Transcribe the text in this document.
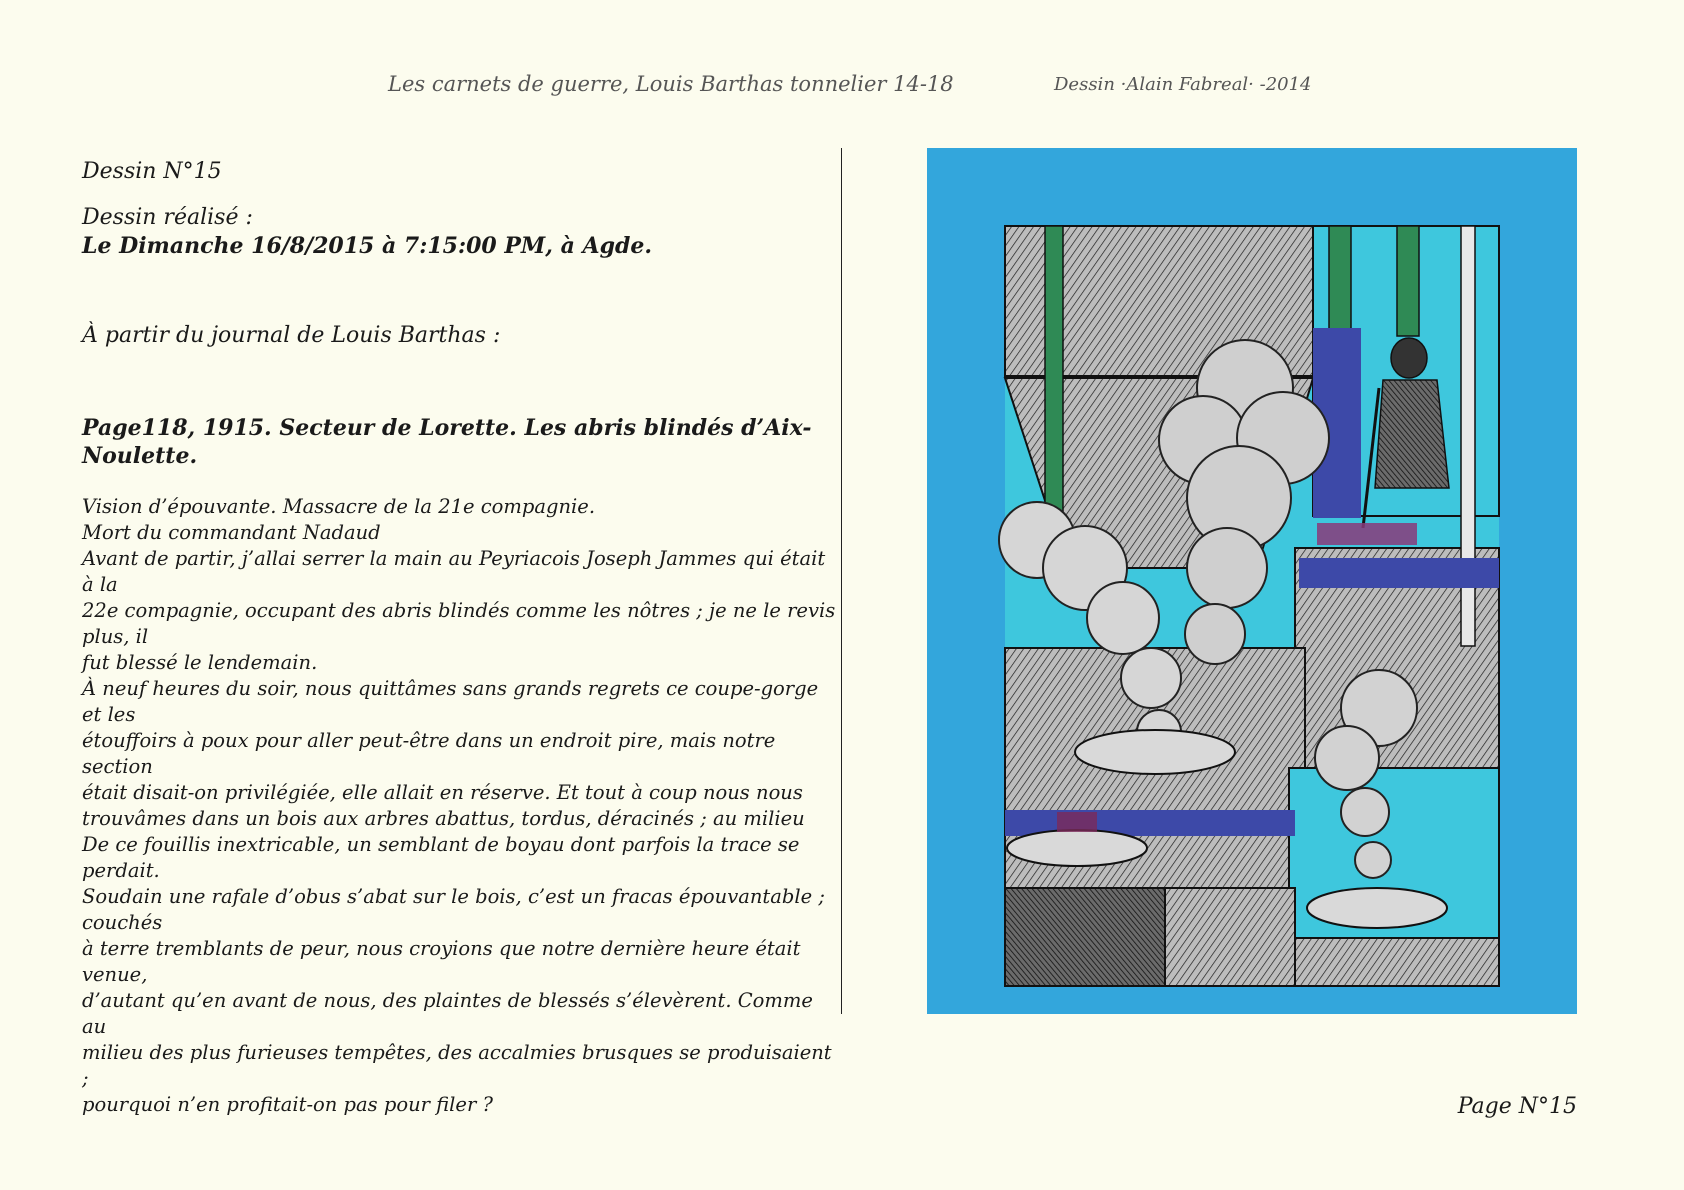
Les carnets de guerre, Louis Barthas tonnelier 14-18	Dessin ·Alain Fabreal· -2014

Dessin N°15

Dessin réalisé :

Le Dimanche 16/8/2015 à 7:15:00 PM, à Agde.

À partir du journal de Louis Barthas :

Page118, 1915. Secteur de Lorette. Les abris blindés d’Aix-Noulette.

Vision d’épouvante. Massacre de la 21e compagnie.
Mort du commandant Nadaud
Avant de partir, j’allai serrer la main au Peyriacois Joseph Jammes qui était à la
22e compagnie, occupant des abris blindés comme les nôtres ; je ne le revis plus, il
fut blessé le lendemain.
À neuf heures du soir, nous quittâmes sans grands regrets ce coupe-gorge et les
étouffoirs à poux pour aller peut-être dans un endroit pire, mais notre section
était disait-on privilégiée, elle allait en réserve. Et tout à coup nous nous
trouvâmes dans un bois aux arbres abattus, tordus, déracinés ; au milieu
De ce fouillis inextricable, un semblant de boyau dont parfois la trace se perdait.
Soudain une rafale d’obus s’abat sur le bois, c’est un fracas épouvantable ; couchés
à terre tremblants de peur, nous croyions que notre dernière heure était venue,
d’autant qu’en avant de nous, des plaintes de blessés s’élevèrent. Comme au
milieu des plus furieuses tempêtes, des accalmies brusques se produisaient ;
pourquoi n’en profitait-on pas pour filer ?	Page N°15
